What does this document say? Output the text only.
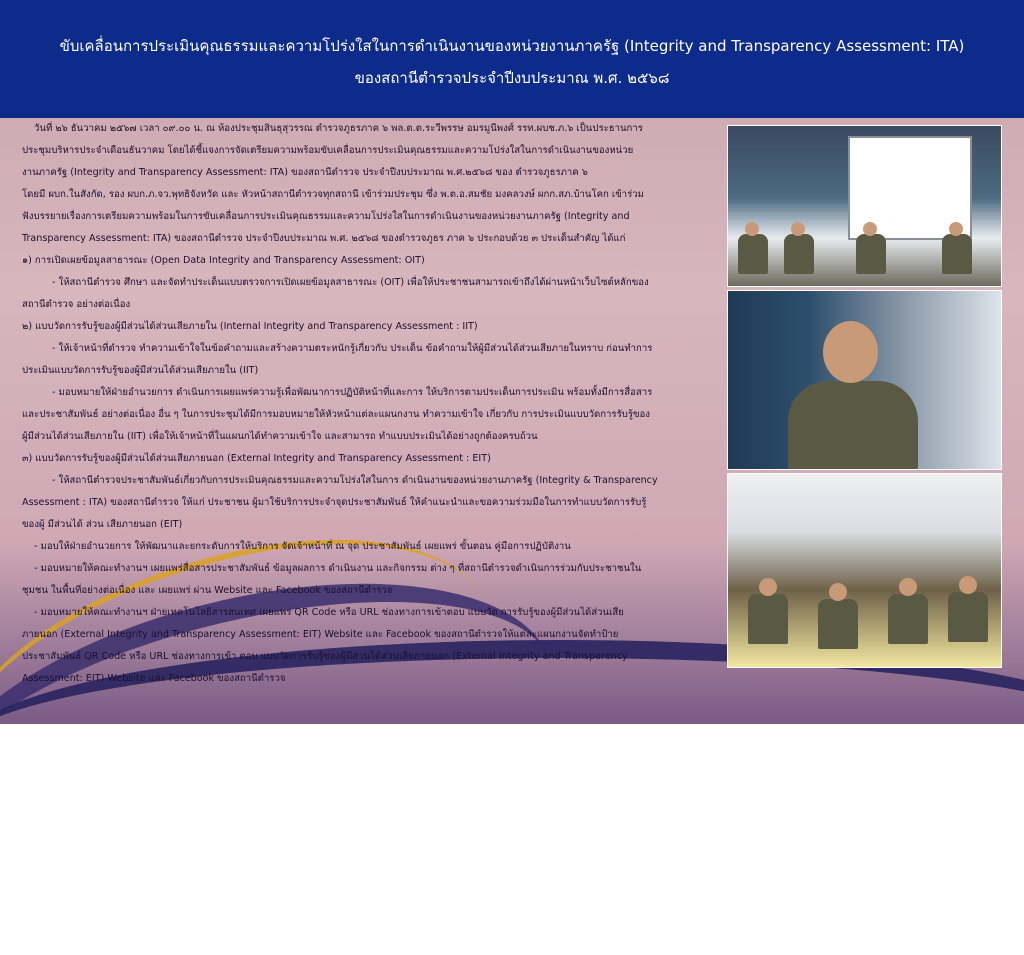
ขับเคลื่อนการประเมินคุณธรรมและความโปร่งใสในการดำเนินงานของหน่วยงานภาครัฐ (Integrity and Transparency Assessment: ITA)
ของสถานีตำรวจประจำปีงบประมาณ พ.ศ. ๒๕๖๘

วันที่ ๒๖ ธันวาคม ๒๕๖๗ เวลา ๐๙.๐๐ น. ณ ห้องประชุมสินธุสุวรรณ ตำรวจภูธรภาค ๖ พล.ต.ต.ระวีพรรษ อมรมูนีพงศ์ รรท.ผบช.ภ.๖ เป็นประธานการ

ประชุมบริหารประจำเดือนธันวาคม โดยได้ชี้แจงการจัดเตรียมความพร้อมขับเคลื่อนการประเมินคุณธรรมและความโปร่งใสในการดำเนินงานของหน่วย

งานภาครัฐ (Integrity and Transparency Assessment: ITA) ของสถานีตำรวจ ประจำปีงบประมาณ พ.ศ.๒๕๖๘ ของ ตำรวจภูธรภาค ๖

โดยมี ผบก.ในสังกัด, รอง ผบก.ภ.จว.พุทธิจังหวัด และ หัวหน้าสถานีตำรวจทุกสถานี เข้าร่วมประชุม ซึ่ง พ.ต.อ.สมชัย มงคลวงษ์ ผกก.สภ.บ้านโคก เข้าร่วม

ฟังบรรยายเรื่องการเตรียมความพร้อมในการขับเคลื่อนการประเมินคุณธรรมและความโปร่งใสในการดำเนินงานของหน่วยงานภาครัฐ (Integrity and

Transparency Assessment: ITA) ของสถานีตำรวจ ประจำปีงบประมาณ พ.ศ. ๒๕๖๘ ของตำรวจภูธร ภาค ๖ ประกอบด้วย ๓ ประเด็นสำคัญ ได้แก่

๑) การเปิดเผยข้อมูลสาธารณะ (Open Data Integrity and Transparency Assessment: OIT)

- ให้สถานีตำรวจ ศึกษา และจัดทำประเด็นแบบตรวจการเปิดเผยข้อมูลสาธารณะ (OIT) เพื่อให้ประชาชนสามารถเข้าถึงได้ผ่านหน้าเว็บไซต์หลักของ

สถานีตำรวจ อย่างต่อเนื่อง

๒) แบบวัดการรับรู้ของผู้มีส่วนได้ส่วนเสียภายใน (Internal Integrity and Transparency Assessment : IIT)

- ให้เจ้าหน้าที่ตำรวจ ทำความเข้าใจในข้อคำถามและสร้างความตระหนักรู้เกี่ยวกับ ประเด็น ข้อคำถามให้ผู้มีส่วนได้ส่วนเสียภายในทราบ ก่อนทำการ

ประเมินแบบวัดการรับรู้ของผู้มีส่วนได้ส่วนเสียภายใน (IIT)

- มอบหมายให้ฝ่ายอำนวยการ ดำเนินการเผยแพร่ความรู้เพื่อพัฒนาการปฏิบัติหน้าที่และการ ให้บริการตามประเด็นการประเมิน พร้อมทั้งมีการสื่อสาร

และประชาสัมพันธ์ อย่างต่อเนื่อง อื่น ๆ ในการประชุมได้มีการมอบหมายให้หัวหน้าแต่ละแผนกงาน ทำความเข้าใจ เกี่ยวกับ การประเมินแบบวัดการรับรู้ของ

ผู้มีส่วนได้ส่วนเสียภายใน (IIT) เพื่อให้เจ้าหน้าที่ในแผนกได้ทำความเข้าใจ และสามารถ ทำแบบประเมินได้อย่างถูกต้องครบถ้วน

๓) แบบวัดการรับรู้ของผู้มีส่วนได้ส่วนเสียภายนอก (External Integrity and Transparency Assessment : EIT)

- ให้สถานีตำรวจประชาสัมพันธ์เกี่ยวกับการประเมินคุณธรรมและความโปร่งใสในการ ดำเนินงานของหน่วยงานภาครัฐ (Integrity & Transparency

Assessment : ITA) ของสถานีตำรวจ ให้แก่ ประชาชน ผู้มาใช้บริการประจำจุดประชาสัมพันธ์ ให้คำแนะนำและขอความร่วมมือในการทำแบบวัดการรับรู้

ของผู้ มีส่วนได้ ส่วน เสียภายนอก (EIT)

- มอบให้ฝ่ายอำนวยการ ให้พัฒนาและยกระดับการให้บริการ จัดเจ้าหน้าที่ ณ จุด ประชาสัมพันธ์ เผยแพร่ ขั้นตอน คู่มือการปฏิบัติงาน

- มอบหมายให้คณะทำงานฯ เผยแพร่สื่อสารประชาสัมพันธ์ ข้อมูลผลการ ดำเนินงาน และกิจกรรม ต่าง ๆ ที่สถานีตำรวจดำเนินการร่วมกับประชาชนใน

ชุมชน ในพื้นที่อย่างต่อเนื่อง และ เผยแพร่ ผ่าน Website และ Facebook ของสถานีตำรวจ

- มอบหมายให้คณะทำงานฯ ฝ่ายเทคโนโลยีสารสนเทศ เผยแพร่ QR Code หรือ URL ช่องทางการเข้าตอบ แบบวัด การรับรู้ของผู้มีส่วนได้ส่วนเสีย

ภายนอก (External Integrity and Transparency Assessment: EIT) Website และ Facebook ของสถานีตำรวจให้แต่ละแผนกงานจัดทำป้าย

ประชาสัมพันธ์ QR Code หรือ URL ช่องทางการเข้า ตอบ แบบวัดการรับรู้ของผู้มีส่วนได้ส่วนเสียภายนอก (External Integrity and Transparency

Assessment: EIT) Website และ Facebook ของสถานีตำรวจ
